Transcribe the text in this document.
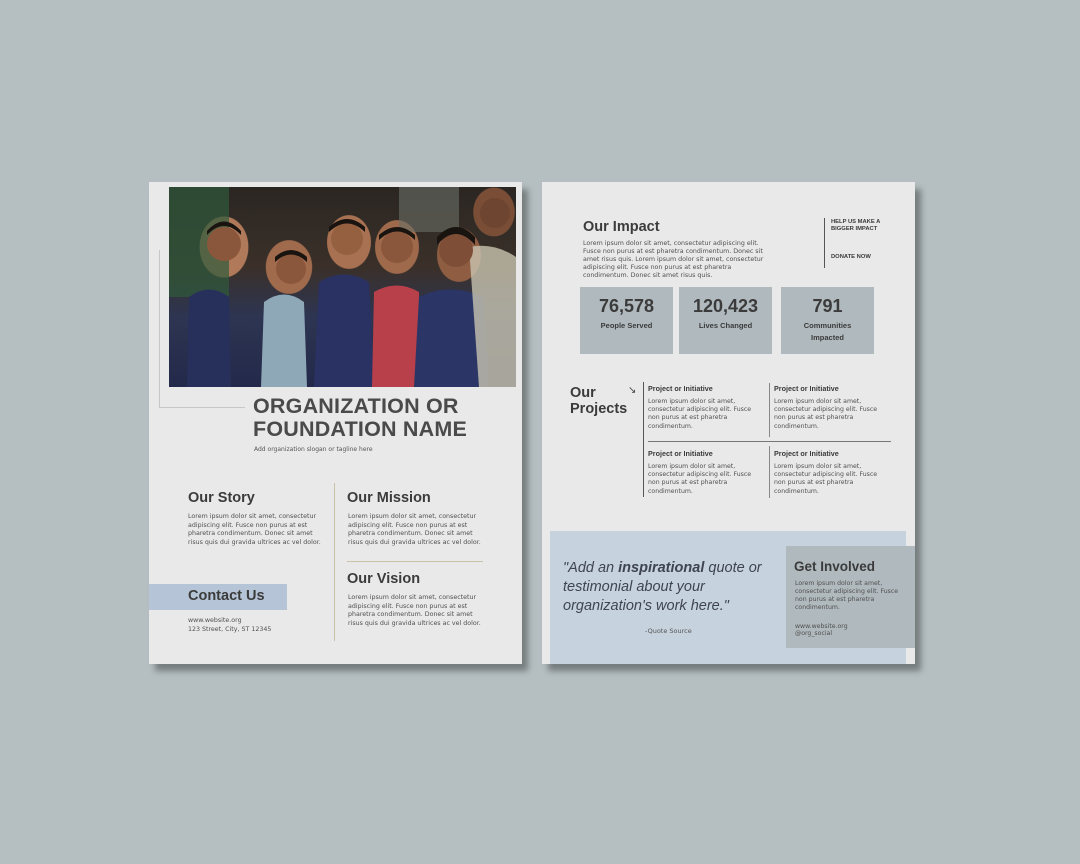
ORGANIZATION OR FOUNDATION NAME
Add organization slogan or tagline here
Our Story
Lorem ipsum dolor sit amet, consectetur adipiscing elit. Fusce non purus at est pharetra condimentum. Donec sit amet risus quis dui gravida ultrices ac vel dolor.
Our Mission
Lorem ipsum dolor sit amet, consectetur adipiscing elit. Fusce non purus at est pharetra condimentum. Donec sit amet risus quis dui gravida ultrices ac vel dolor.
Our Vision
Lorem ipsum dolor sit amet, consectetur adipiscing elit. Fusce non purus at est pharetra condimentum. Donec sit amet risus quis dui gravida ultrices ac vel dolor.
Contact Us
www.website.org
123 Street, City, ST 12345
Our Impact
Lorem ipsum dolor sit amet, consectetur adipiscing elit. Fusce non purus at est pharetra condimentum. Donec sit amet risus quis. Lorem ipsum dolor sit amet, consectetur adipiscing elit. Fusce non purus at est pharetra condimentum. Donec sit amet risus quis.
HELP US MAKE A BIGGER IMPACT
DONATE NOW
76,578
People Served
120,423
Lives Changed
791
Communities Impacted
Our Projects
↘ Project or Initiative
Lorem ipsum dolor sit amet, consectetur adipiscing elit. Fusce non purus at est pharetra condimentum.
Project or Initiative
Lorem ipsum dolor sit amet, consectetur adipiscing elit. Fusce non purus at est pharetra condimentum.
Project or Initiative
Lorem ipsum dolor sit amet, consectetur adipiscing elit. Fusce non purus at est pharetra condimentum.
Project or Initiative
Lorem ipsum dolor sit amet, consectetur adipiscing elit. Fusce non purus at est pharetra condimentum.
"Add an inspirational quote or testimonial about your organization's work here."
-Quote Source
Get Involved
Lorem ipsum dolor sit amet, consectetur adipiscing elit. Fusce non purus at est pharetra condimentum.
www.website.org
@org_social
